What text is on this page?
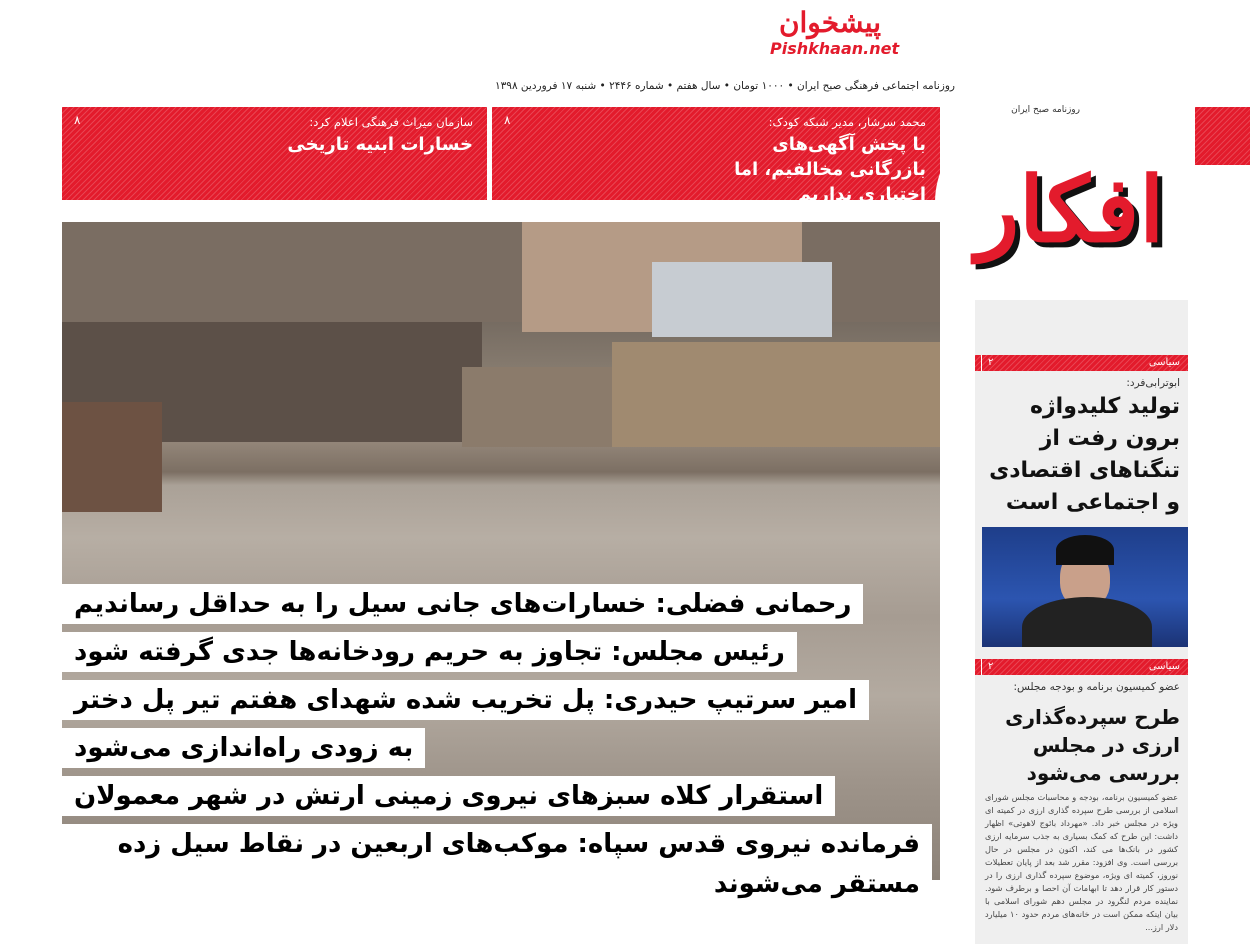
روزنامه اجتماعی فرهنگی صبح ایران • ۱۰۰۰ تومان • سال هفتم • شماره ۲۴۴۶ • شنبه ۱۷ فروردین ۱۳۹۸
پیشخوان
Pishkhaan.net
۸	محمد سرشار، مدیر شبکه کودک:
با پخش آگهی‌های بازرگانی مخالفیم، اما اختیاری نداریم
۸	سازمان میراث فرهنگی اعلام کرد:
خسارات ابنیه تاریخی
افکار
روزنامه صبح ایران
رحمانی فضلی: خسارات‌های جانی سیل را به حداقل رساندیم
رئیس مجلس: تجاوز به حریم رودخانه‌ها جدی گرفته شود
امیر سرتیپ حیدری: پل تخریب شده شهدای هفتم تیر پل دختر
به زودی راه‌اندازی می‌شود
استقرار کلاه سبزهای نیروی زمینی ارتش در شهر معمولان
فرمانده نیروی قدس سپاه: موکب‌های اربعین در نقاط سیل زده مستقر می‌شوند
سیاسی
۲
ابوترابی‌فرد:
تولید کلیدواژه برون رفت از تنگناهای اقتصادی و اجتماعی است
سیاسی
۲
عضو کمیسیون برنامه و بودجه مجلس:
طرح سپرده‌گذاری ارزی در مجلس بررسی می‌شود
عضو کمیسیون برنامه، بودجه و محاسبات مجلس شورای اسلامی از بررسی طرح سپرده گذاری ارزی در کمیته ای ویژه در مجلس خبر داد. «مهرداد بائوج لاهوتی» اظهار داشت: این طرح که کمک بسیاری به جذب سرمایه ارزی کشور در بانک‌ها می کند، اکنون در مجلس در حال بررسی است. وی افزود: مقرر شد بعد از پایان تعطیلات نوروز، کمیته ای ویژه، موضوع سپرده گذاری ارزی را در دستور کار قرار دهد تا ابهامات آن احصا و برطرف شود. نماینده مردم لنگرود در مجلس دهم شورای اسلامی با بیان اینکه ممکن است در خانه‌های مردم حدود ۱۰ میلیارد دلار ارز...
